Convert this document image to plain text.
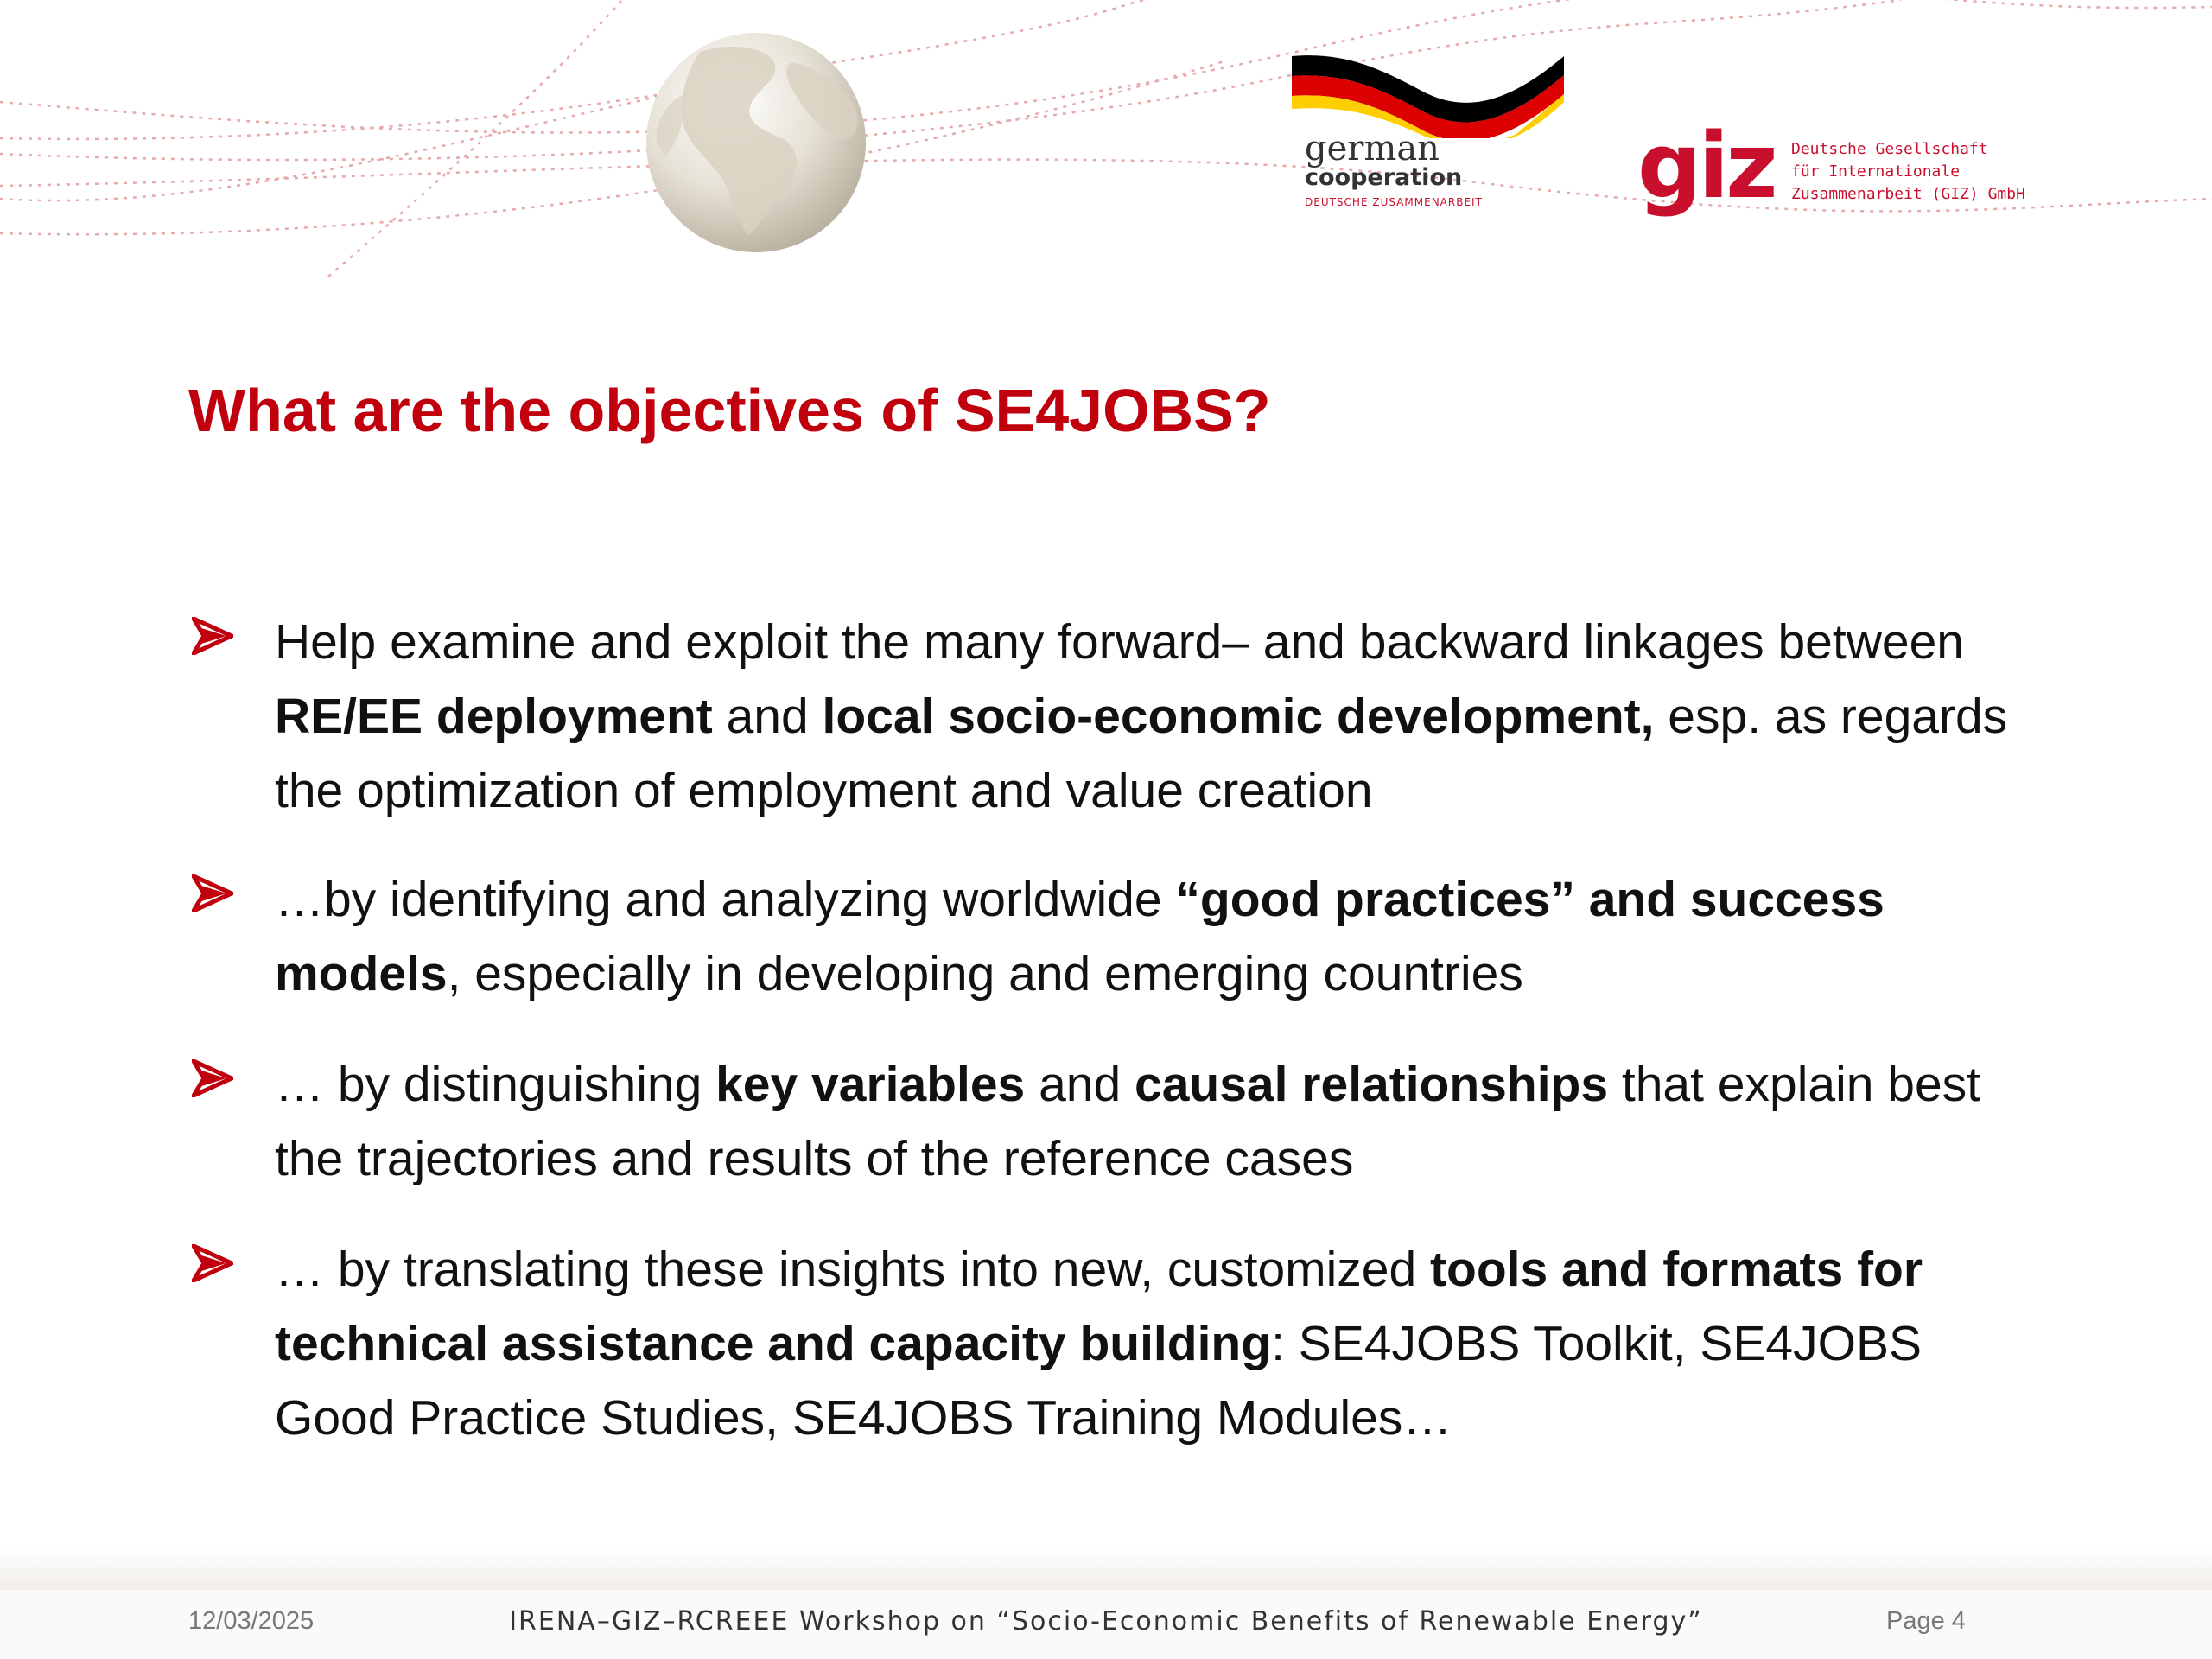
german
cooperation
DEUTSCHE ZUSAMMENARBEIT giz Deutsche Gesellschaft
für Internationale
Zusammenarbeit (GIZ) GmbH
What are the objectives of SE4JOBS?
Help examine and exploit the many forward– and backward linkages between RE/EE deployment and local socio-economic development, esp. as regards the optimization of employment and value creation
…by identifying and analyzing worldwide “good practices” and success models, especially in developing and emerging countries
… by distinguishing key variables and causal relationships that explain best the trajectories and results of the reference cases
… by translating these insights into new, customized tools and formats for technical assistance and capacity building: SE4JOBS Toolkit, SE4JOBS Good Practice Studies, SE4JOBS Training Modules…
12/03/2025	IRENA–GIZ–RCREEE Workshop on “Socio-Economic Benefits of Renewable Energy”	Page 4
